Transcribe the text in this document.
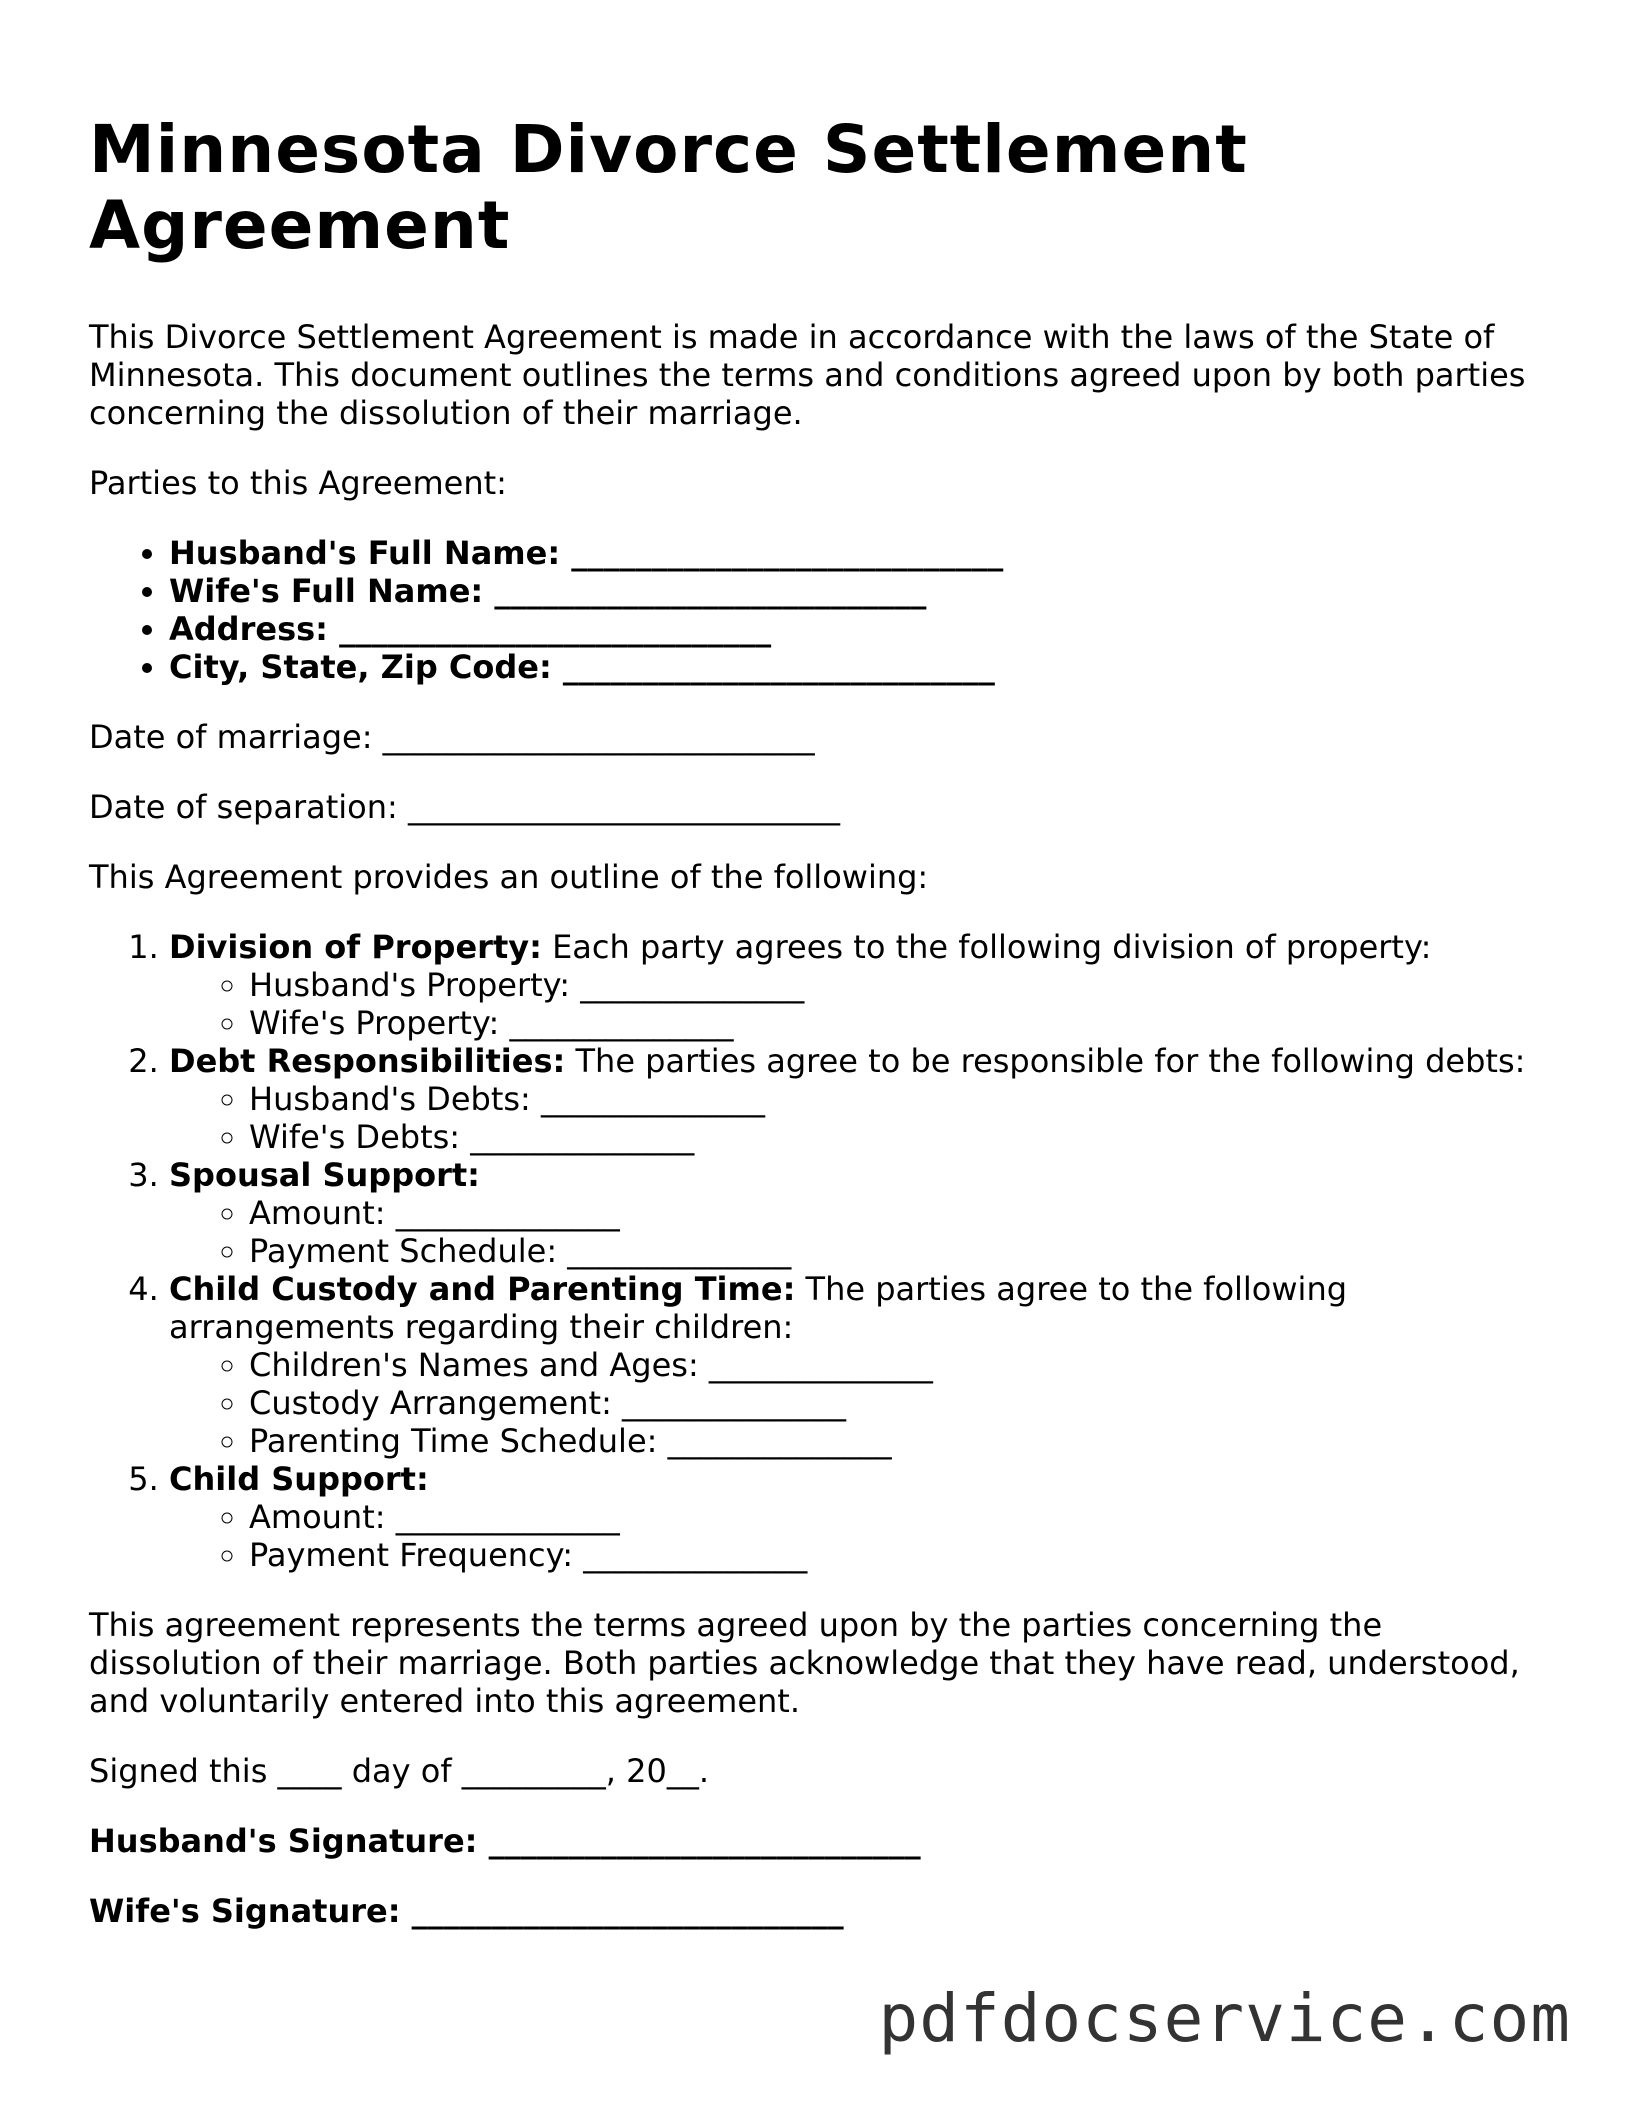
Minnesota Divorce Settlement Agreement

This Divorce Settlement Agreement is made in accordance with the laws of the State of Minnesota. This document outlines the terms and conditions agreed upon by both parties concerning the dissolution of their marriage.

Parties to this Agreement:

• Husband's Full Name: ___________________________
• Wife's Full Name: ___________________________
• Address: ___________________________
• City, State, Zip Code: ___________________________

Date of marriage: ___________________________

Date of separation: ___________________________

This Agreement provides an outline of the following:

1. Division of Property: Each party agrees to the following division of property:
◦ Husband's Property: ______________
◦ Wife's Property: ______________
2. Debt Responsibilities: The parties agree to be responsible for the following debts:
◦ Husband's Debts: ______________
◦ Wife's Debts: ______________
3. Spousal Support:
◦ Amount: ______________
◦ Payment Schedule: ______________
4. Child Custody and Parenting Time: The parties agree to the following arrangements regarding their children:
◦ Children's Names and Ages: ______________
◦ Custody Arrangement: ______________
◦ Parenting Time Schedule: ______________
5. Child Support:
◦ Amount: ______________
◦ Payment Frequency: ______________

This agreement represents the terms agreed upon by the parties concerning the dissolution of their marriage. Both parties acknowledge that they have read, understood, and voluntarily entered into this agreement.

Signed this ____ day of _________, 20__.

Husband's Signature: ___________________________

Wife's Signature: ___________________________

pdfdocservice.com
